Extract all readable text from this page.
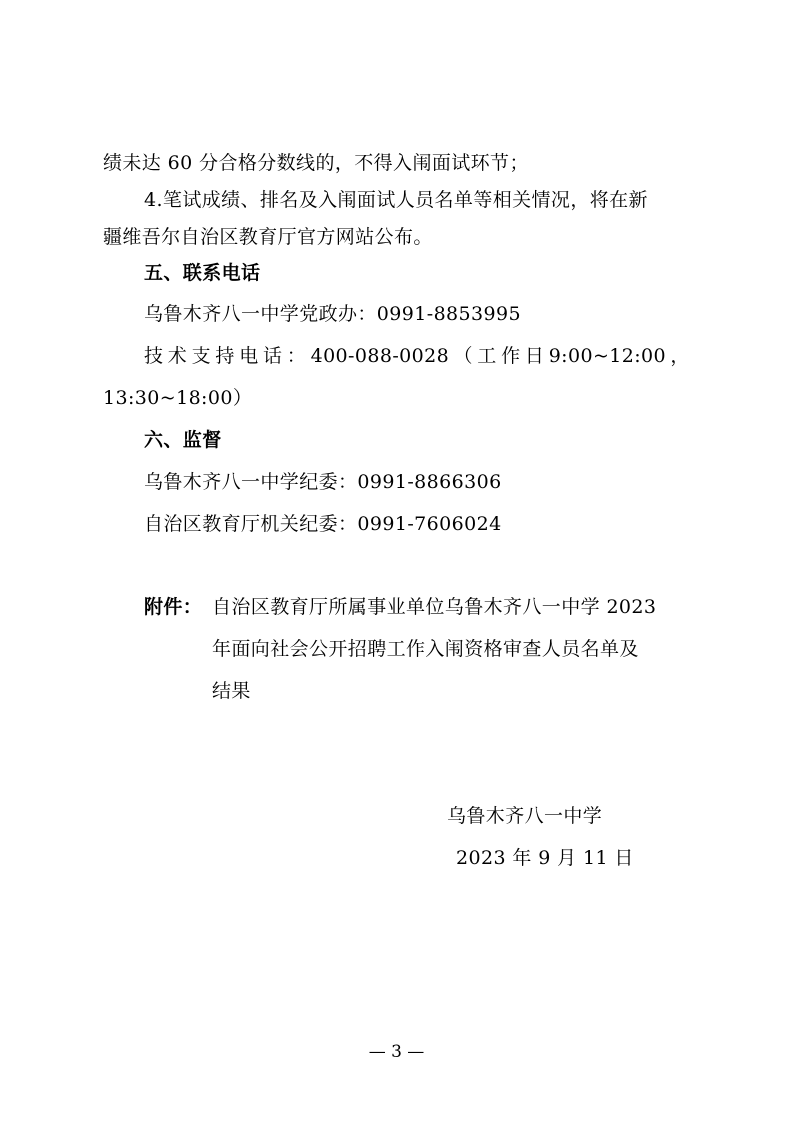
绩未达 60 分合格分数线的，不得入闱面试环节；
4.笔试成绩、排名及入闱面试人员名单等相关情况，将在新
疆维吾尔自治区教育厅官方网站公布。
五、联系电话
乌鲁木齐八一中学党政办：0991-8853995
技 术 支 持 电 话 ： 400-088-0028 （ 工 作 日 9:00~12:00 ，
13:30~18:00）
六、监督
乌鲁木齐八一中学纪委：0991-8866306
自治区教育厅机关纪委：0991-7606024
附件： 自治区教育厅所属事业单位乌鲁木齐八一中学 2023
年面向社会公开招聘工作入闱资格审查人员名单及
结果
乌鲁木齐八一中学
2023 年 9 月 11 日
— 3 —
